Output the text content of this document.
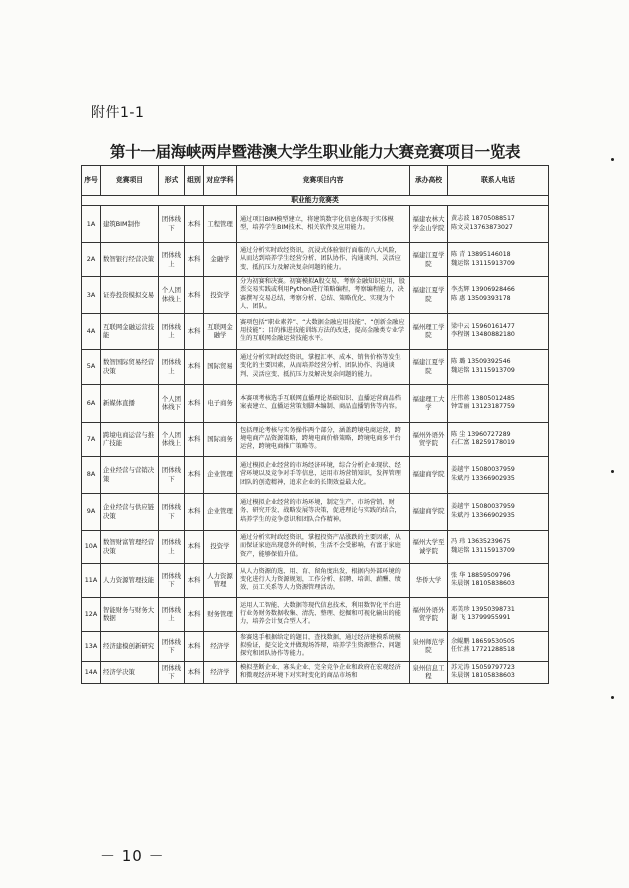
附件1-1
第十一届海峡两岸暨港澳大学生职业能力大赛竞赛项目一览表
序号	竞赛项目	形式	组别	对应学科	竞赛项目内容	承办高校	联系人电话
职业能力竞赛类							
1A	建筑BIM制作	团体线下	本科	工程管理	通过项目BIM模型建立，将建筑数字化信息体现于实体模型，培养学生BIM技术、相关软件及应用能力。	福建农林大学金山学院	黄志波 18705088517
陈文灵13763873027

2A	数智银行经营决策	团体线上	本科	金融学	通过分析实时政经资讯，沉浸式体验银行面临的八大风险，从而达到培养学生经营分析、团队协作、沟通谈判、灵活应变、抵抗压力及解决复杂问题的能力。	福建江夏学院	陈 青 13895146018
魏运铭 13115913709

3A	证券投资模拟交易	个人团体线上	本科	投资学	分为初赛和决赛。初赛模拟A股交易，考察金融知识应用，股票交易实践或利用Python进行策略编程，考察编程能力，决赛撰写交易总结，考察分析、总结、策略优化、实现为个人、团队。	福建江夏学院	李杰辉 13906928466
陈 惠 13509393178

4A	互联网金融运营技能	团体线上	本科	互联网金融学	赛项包括“职业素养”、“大数据金融应用技能”、“创新金融应用技能”；目的推进技能训练方法的改进，提高金融类专业学生的互联网金融运营技能水平。	福州理工学院	梁中云 15960161477
李程钢 13480882180

5A	数智国际贸易经营决策	团体线上	本科	国际贸易	通过分析实时政经资讯，掌握汇率、成本、销售价格等发生变化的主要因素，从而培养经营分析、团队协作、沟通谈判、灵活应变、抵抗压力及解决复杂问题的能力。	福建江夏学院	陈 璐 13509392546
魏运铭 13115913709

6A	新媒体直播	个人团体线下	本科	电子商务	本赛项考核选手互联网直播理论基础知识、直播运营商品档案表建立、直播运营策划脚本编制、商品直播销售等内容。	福建理工大学	庄伟蒋 13805012485
钟雪丽 13123187759

7A	跨境电商运营与推广技能	个人团体线上	本科	国际商务	包括理论考核与实务操作两个部分，涵盖跨境电商运营，跨境电商产品资源策略，跨境电商价格策略，跨境电商多平台运营，跨境电商推广策略等。	福州外语外贸学院	陈 尘 13960727289
石仁富 18259178019

8A	企业经营与营销决策	团体线下	本科	企业管理	通过模拟企业经营的市场经济环境，综合分析企业现状、经营环境以及竞争对手等信息，运用市场营销知识，发挥管理团队的创造精神，追求企业的长期效益最大化。	福建商学院	姜越宇 15080037959
朱斌丹 13366902935

9A	企业经营与供应链决策	团体线下	本科	企业管理	通过模拟企业经营的市场环境，制定生产、市场营销、财务、研究开发、战略发展等决策，促进理论与实践的结合，培养学生的竞争意识和团队合作精神。	福建商学院	姜越宇 15080037959
朱斌丹 13366902935

10A	数智财富管理经营决策	团体线上	本科	投资学	通过分析实时政经资讯，掌握投资产品涨跌的主要因素，从而保证家庭出现意外的时候，生活不会受影响，有富于家庭资产，能够保值升值。	福州大学至诚学院	冯 玮 13635239675
魏运铭 13115913709

11A	人力资源管理技能	团体线下	本科	人力资源管理	从人力资源的选、用、育、留角度出发，根据内外部环境的变化进行人力资源规划，工作分析、招聘、培训、薪酬、绩效、员工关系等人力资源管理活动。	华侨大学	张 华 18859509796
朱晨钢 18105838603

12A	智能财务与财务大数据	团体线上	本科	财务管理	运用人工智能、大数据等现代信息技术，利用数智化平台进行业务财务数据收集、清洗、整理、挖掘和可视化输出的能力，培养会计复合型人才。	福州外语外贸学院	邓美珍 13950398731
谢 飞 13799955991

13A	经济建模创新研究	团体线下	本科	经济学	参赛选手根据给定的题目，查找数据，通过经济建模系统模拟验证，提交论文并做现场答辩，培养学生资源整合、问题探究和团队协作等能力。	泉州师范学院	余鲲鹏 18659530505
任忙燕 17721288518

14A	经济学决策	团体线下	本科	经济学	模拟垄断企业、寡头企业、完全竞争企业和政府在宏观经济和微观经济环境下对实时变化的商品市场和	泉州信息工程	苏元涛 15059797723
朱晨钢 18105838603
－ 10 －
